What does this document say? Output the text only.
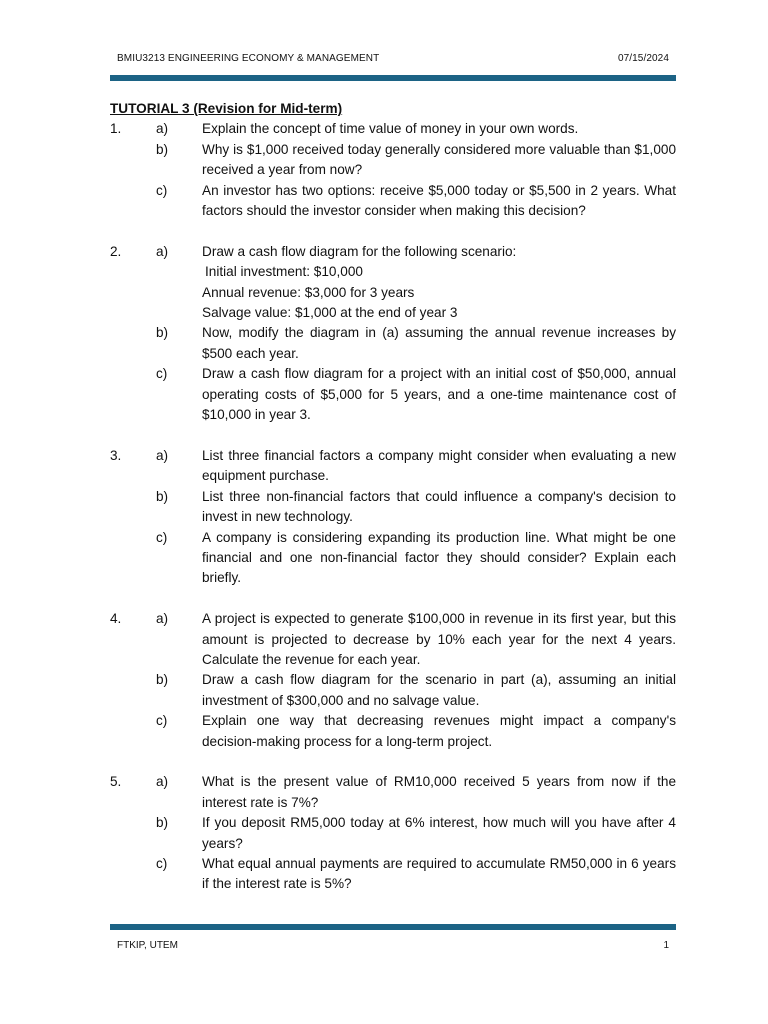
BMIU3213 ENGINEERING ECONOMY & MANAGEMENT	07/15/2024

TUTORIAL 3 (Revision for Mid-term)

1.	a)	Explain the concept of time value of money in your own words.
b)	Why is $1,000 received today generally considered more valuable than $1,000 received a year from now?
c)	An investor has two options: receive $5,000 today or $5,500 in 2 years. What factors should the investor consider when making this decision?
2.	a)	Draw a cash flow diagram for the following scenario:
Initial investment: $10,000
Annual revenue: $3,000 for 3 years
Salvage value: $1,000 at the end of year 3
b)	Now, modify the diagram in (a) assuming the annual revenue increases by $500 each year.
c)	Draw a cash flow diagram for a project with an initial cost of $50,000, annual operating costs of $5,000 for 5 years, and a one-time maintenance cost of $10,000 in year 3.
3.	a)	List three financial factors a company might consider when evaluating a new equipment purchase.
b)	List three non-financial factors that could influence a company's decision to invest in new technology.
c)	A company is considering expanding its production line. What might be one financial and one non-financial factor they should consider? Explain each briefly.
4.	a)	A project is expected to generate $100,000 in revenue in its first year, but this amount is projected to decrease by 10% each year for the next 4 years. Calculate the revenue for each year.
b)	Draw a cash flow diagram for the scenario in part (a), assuming an initial investment of $300,000 and no salvage value.
c)	Explain one way that decreasing revenues might impact a company's decision-making process for a long-term project.
5.	a)	What is the present value of RM10,000 received 5 years from now if the interest rate is 7%?
b)	If you deposit RM5,000 today at 6% interest, how much will you have after 4 years?
c)	What equal annual payments are required to accumulate RM50,000 in 6 years if the interest rate is 5%?
FTKIP, UTEM	1
